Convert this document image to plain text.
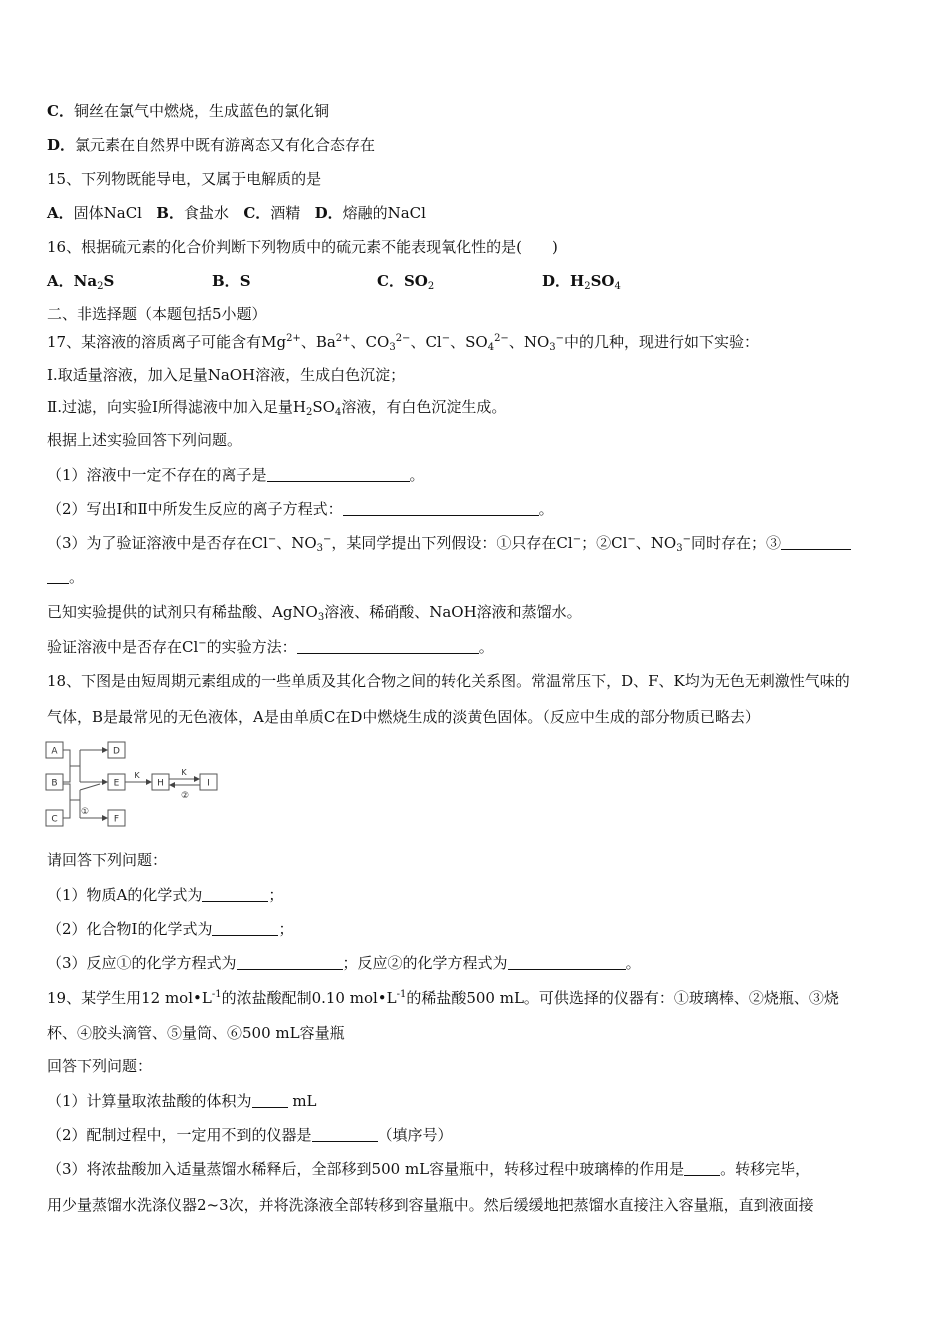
C．铜丝在氯气中燃烧，生成蓝色的氯化铜
D．氯元素在自然界中既有游离态又有化合态存在
15、下列物既能导电，又属于电解质的是
A．固体NaCl B．食盐水 C．酒精 D．熔融的NaCl
16、根据硫元素的化合价判断下列物质中的硫元素不能表现氧化性的是(　　)
A．$Na_2S$	B．S	C．$SO_2$	D．$H_2SO_4$
二、非选择题（本题包括5小题）
17、某溶液的溶质离子可能含有$Mg^{2+}$、$Ba^{2+}$、$CO_3^{2-}$、Cl−、$SO_4^{2-}$、$NO_3^-$中的几种，现进行如下实验：
Ⅰ.取适量溶液，加入足量NaOH溶液，生成白色沉淀；
Ⅱ.过滤，向实验Ⅰ所得滤液中加入足量$H_2SO_4$溶液，有白色沉淀生成。
根据上述实验回答下列问题。
（1）溶液中一定不存在的离子是	。
（2）写出Ⅰ和Ⅱ中所发生反应的离子方程式：	。
（3）为了验证溶液中是否存在Cl−、$NO_3^-$，某同学提出下列假设：①只存在Cl−；②Cl−、$NO_3^-$同时存在；③
。
已知实验提供的试剂只有稀盐酸、AgNO$_3$溶液、稀硝酸、NaOH溶液和蒸馏水。
验证溶液中是否存在Cl−的实验方法：	。
18、下图是由短周期元素组成的一些单质及其化合物之间的转化关系图。常温常压下，D、F、K均为无色无刺激性气味的
气体，B是最常见的无色液体，A是由单质C在D中燃烧生成的淡黄色固体。（反应中生成的部分物质已略去）
A
B
C
D
E
F
H	I
K	K
①
②
请回答下列问题：
（1）物质A的化学式为	；
（2）化合物I的化学式为	；
（3）反应①的化学方程式为	；反应②的化学方程式为	。
19、某学生用12 $mol•L^{-1}$的浓盐酸配制0.10 $mol•L^{-1}$的稀盐酸500 mL。可供选择的仪器有：①玻璃棒、②烧瓶、③烧
杯、④胶头滴管、⑤量筒、⑥500 mL容量瓶
回答下列问题：
（1）计算量取浓盐酸的体积为 mL
（2）配制过程中，一定用不到的仪器是	（填序号）
（3）将浓盐酸加入适量蒸馏水稀释后，全部移到500 mL容量瓶中，转移过程中玻璃棒的作用是 。转移完毕，
用少量蒸馏水洗涤仪器2~3次，并将洗涤液全部转移到容量瓶中。然后缓缓地把蒸馏水直接注入容量瓶，直到液面接
